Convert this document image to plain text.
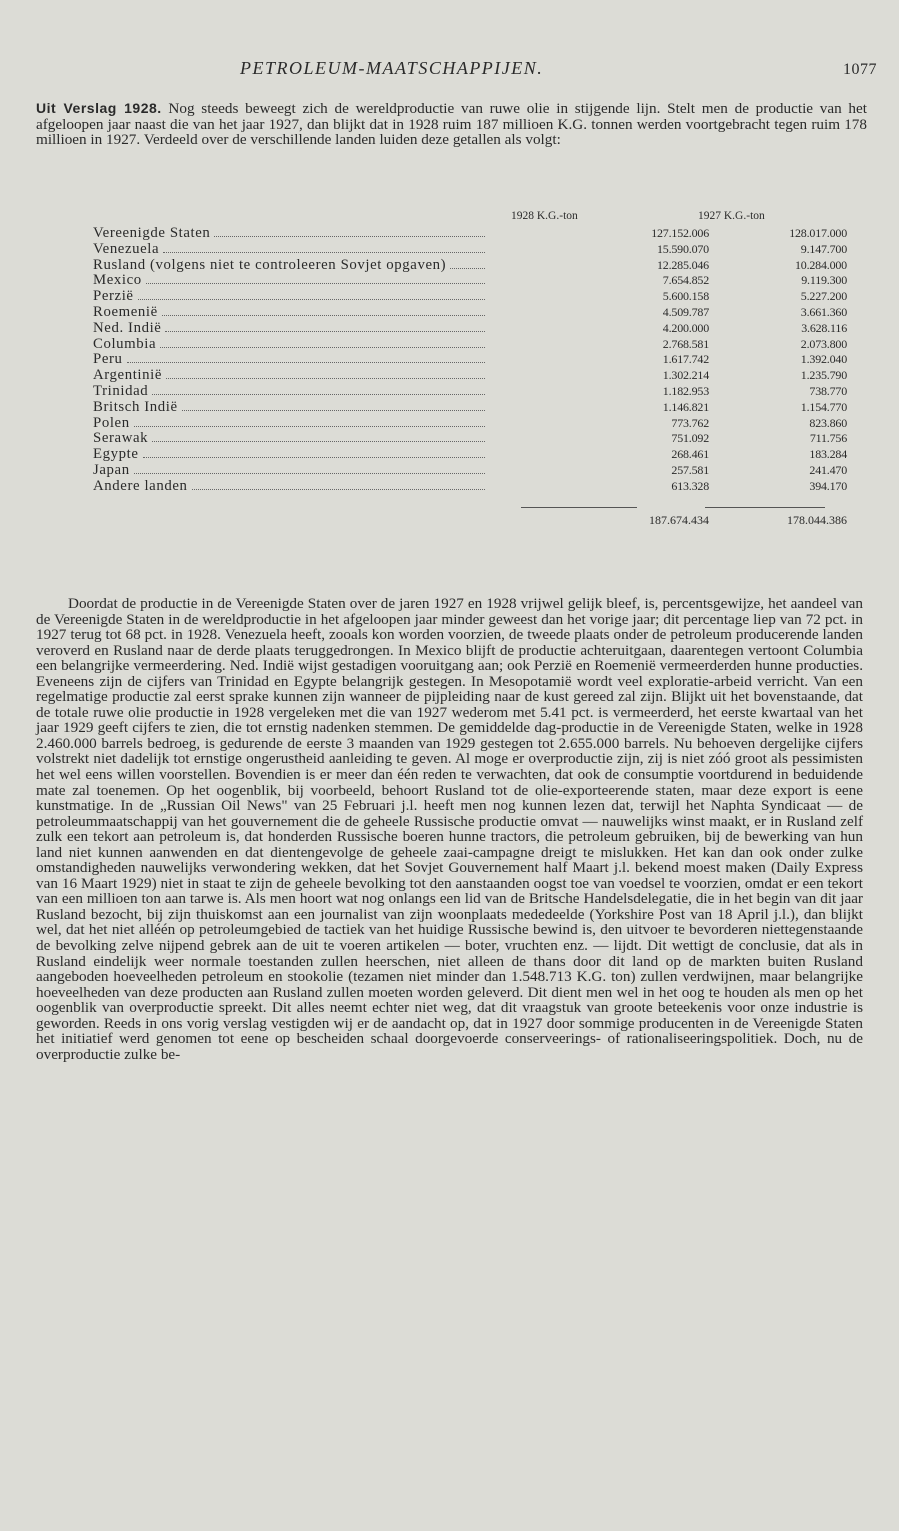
PETROLEUM-MAATSCHAPPIJEN.	1077
Uit Verslag 1928. Nog steeds beweegt zich de wereldproductie van ruwe olie in stijgende lijn. Stelt men de productie van het afgeloopen jaar naast die van het jaar 1927, dan blijkt dat in 1928 ruim 187 millioen K.G. tonnen werden voortgebracht tegen ruim 178 millioen in 1927. Verdeeld over de verschillende landen luiden deze getallen als volgt:
1928 K.G.-ton	1927 K.G.-ton
Vereenigde Staten	127.152.006	128.017.000
Venezuela	15.590.070	9.147.700
Rusland (volgens niet te controleeren Sovjet opgaven)	12.285.046	10.284.000
Mexico	7.654.852	9.119.300
Perzië	5.600.158	5.227.200
Roemenië	4.509.787	3.661.360
Ned. Indië	4.200.000	3.628.116
Columbia	2.768.581	2.073.800
Peru	1.617.742	1.392.040
Argentinië	1.302.214	1.235.790
Trinidad	1.182.953	738.770
Britsch Indië	1.146.821	1.154.770
Polen	773.762	823.860
Serawak	751.092	711.756
Egypte	268.461	183.284
Japan	257.581	241.470
Andere landen	613.328	394.170
187.674.434	178.044.386
Doordat de productie in de Vereenigde Staten over de jaren 1927 en 1928 vrijwel gelijk bleef, is, percentsgewijze, het aandeel van de Vereenigde Staten in de wereldproductie in het afgeloopen jaar minder geweest dan het vorige jaar; dit percentage liep van 72 pct. in 1927 terug tot 68 pct. in 1928. Venezuela heeft, zooals kon worden voorzien, de tweede plaats onder de petroleum producerende landen veroverd en Rusland naar de derde plaats teruggedrongen. In Mexico blijft de productie achteruitgaan, daarentegen vertoont Columbia een belangrijke vermeerdering. Ned. Indië wijst gestadigen vooruitgang aan; ook Perzië en Roemenië vermeerderden hunne producties. Eveneens zijn de cijfers van Trinidad en Egypte belangrijk gestegen. In Mesopotamië wordt veel exploratie-arbeid verricht. Van een regelmatige productie zal eerst sprake kunnen zijn wanneer de pijpleiding naar de kust gereed zal zijn. Blijkt uit het bovenstaande, dat de totale ruwe olie productie in 1928 vergeleken met die van 1927 wederom met 5.41 pct. is vermeerderd, het eerste kwartaal van het jaar 1929 geeft cijfers te zien, die tot ernstig nadenken stemmen. De gemiddelde dag-productie in de Vereenigde Staten, welke in 1928 2.460.000 barrels bedroeg, is gedurende de eerste 3 maanden van 1929 gestegen tot 2.655.000 barrels. Nu behoeven dergelijke cijfers volstrekt niet dadelijk tot ernstige ongerustheid aanleiding te geven. Al moge er overproductie zijn, zij is niet zóó groot als pessimisten het wel eens willen voorstellen. Bovendien is er meer dan één reden te verwachten, dat ook de consumptie voortdurend in beduidende mate zal toenemen. Op het oogenblik, bij voorbeeld, behoort Rusland tot de olie-exporteerende staten, maar deze export is eene kunstmatige. In de „Russian Oil News" van 25 Februari j.l. heeft men nog kunnen lezen dat, terwijl het Naphta Syndicaat — de petroleummaatschappij van het gouvernement die de geheele Russische productie omvat — nauwelijks winst maakt, er in Rusland zelf zulk een tekort aan petroleum is, dat honderden Russische boeren hunne tractors, die petroleum gebruiken, bij de bewerking van hun land niet kunnen aanwenden en dat dientengevolge de geheele zaai-campagne dreigt te mislukken. Het kan dan ook onder zulke omstandigheden nauwelijks verwondering wekken, dat het Sovjet Gouvernement half Maart j.l. bekend moest maken (Daily Express van 16 Maart 1929) niet in staat te zijn de geheele bevolking tot den aanstaanden oogst toe van voedsel te voorzien, omdat er een tekort van een millioen ton aan tarwe is. Als men hoort wat nog onlangs een lid van de Britsche Handelsdelegatie, die in het begin van dit jaar Rusland bezocht, bij zijn thuiskomst aan een journalist van zijn woonplaats mededeelde (Yorkshire Post van 18 April j.l.), dan blijkt wel, dat het niet alléén op petroleumgebied de tactiek van het huidige Russische bewind is, den uitvoer te bevorderen niettegenstaande de bevolking zelve nijpend gebrek aan de uit te voeren artikelen — boter, vruchten enz. — lijdt. Dit wettigt de conclusie, dat als in Rusland eindelijk weer normale toestanden zullen heerschen, niet alleen de thans door dit land op de markten buiten Rusland aangeboden hoeveelheden petroleum en stookolie (tezamen niet minder dan 1.548.713 K.G. ton) zullen verdwijnen, maar belangrijke hoeveelheden van deze producten aan Rusland zullen moeten worden geleverd. Dit dient men wel in het oog te houden als men op het oogenblik van overproductie spreekt. Dit alles neemt echter niet weg, dat dit vraagstuk van groote beteekenis voor onze industrie is geworden. Reeds in ons vorig verslag vestigden wij er de aandacht op, dat in 1927 door sommige producenten in de Vereenigde Staten het initiatief werd genomen tot eene op bescheiden schaal doorgevoerde conserveerings- of rationaliseeringspolitiek. Doch, nu de overproductie zulke be-
